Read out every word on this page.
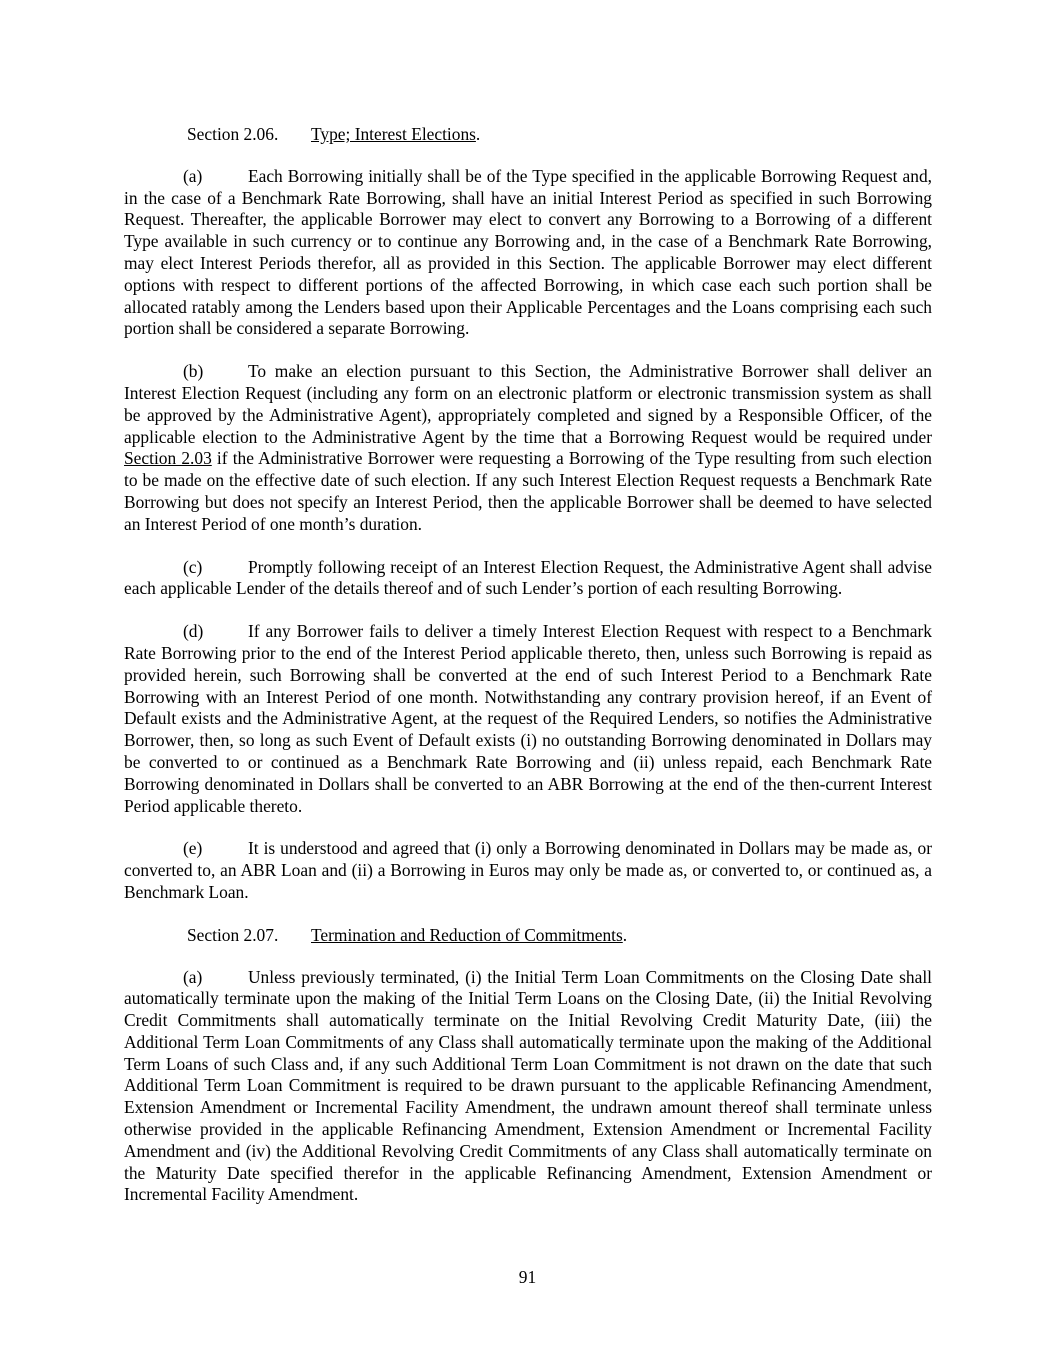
Section 2.06. Type; Interest Elections.

(a)	Each Borrowing initially shall be of the Type specified in the applicable Borrowing Request and, in the case of a Benchmark Rate Borrowing, shall have an initial Interest Period as specified in such Borrowing Request. Thereafter, the applicable Borrower may elect to convert any Borrowing to a Borrowing of a different Type available in such currency or to continue any Borrowing and, in the case of a Benchmark Rate Borrowing, may elect Interest Periods therefor, all as provided in this Section. The applicable Borrower may elect different options with respect to different portions of the affected Borrowing, in which case each such portion shall be allocated ratably among the Lenders based upon their Applicable Percentages and the Loans comprising each such portion shall be considered a separate Borrowing.

(b)	To make an election pursuant to this Section, the Administrative Borrower shall deliver an Interest Election Request (including any form on an electronic platform or electronic transmission system as shall be approved by the Administrative Agent), appropriately completed and signed by a Responsible Officer, of the applicable election to the Administrative Agent by the time that a Borrowing Request would be required under Section 2.03 if the Administrative Borrower were requesting a Borrowing of the Type resulting from such election to be made on the effective date of such election. If any such Interest Election Request requests a Benchmark Rate Borrowing but does not specify an Interest Period, then the applicable Borrower shall be deemed to have selected an Interest Period of one month’s duration.

(c)	Promptly following receipt of an Interest Election Request, the Administrative Agent shall advise each applicable Lender of the details thereof and of such Lender’s portion of each resulting Borrowing.

(d)	If any Borrower fails to deliver a timely Interest Election Request with respect to a Benchmark Rate Borrowing prior to the end of the Interest Period applicable thereto, then, unless such Borrowing is repaid as provided herein, such Borrowing shall be converted at the end of such Interest Period to a Benchmark Rate Borrowing with an Interest Period of one month. Notwithstanding any contrary provision hereof, if an Event of Default exists and the Administrative Agent, at the request of the Required Lenders, so notifies the Administrative Borrower, then, so long as such Event of Default exists (i) no outstanding Borrowing denominated in Dollars may be converted to or continued as a Benchmark Rate Borrowing and (ii) unless repaid, each Benchmark Rate Borrowing denominated in Dollars shall be converted to an ABR Borrowing at the end of the then-current Interest Period applicable thereto.

(e)	It is understood and agreed that (i) only a Borrowing denominated in Dollars may be made as, or converted to, an ABR Loan and (ii) a Borrowing in Euros may only be made as, or converted to, or continued as, a Benchmark Loan.

Section 2.07. Termination and Reduction of Commitments.

(a)	Unless previously terminated, (i) the Initial Term Loan Commitments on the Closing Date shall automatically terminate upon the making of the Initial Term Loans on the Closing Date, (ii) the Initial Revolving Credit Commitments shall automatically terminate on the Initial Revolving Credit Maturity Date, (iii) the Additional Term Loan Commitments of any Class shall automatically terminate upon the making of the Additional Term Loans of such Class and, if any such Additional Term Loan Commitment is not drawn on the date that such Additional Term Loan Commitment is required to be drawn pursuant to the applicable Refinancing Amendment, Extension Amendment or Incremental Facility Amendment, the undrawn amount thereof shall terminate unless otherwise provided in the applicable Refinancing Amendment, Extension Amendment or Incremental Facility Amendment and (iv) the Additional Revolving Credit Commitments of any Class shall automatically terminate on the Maturity Date specified therefor in the applicable Refinancing Amendment, Extension Amendment or Incremental Facility Amendment.

91
